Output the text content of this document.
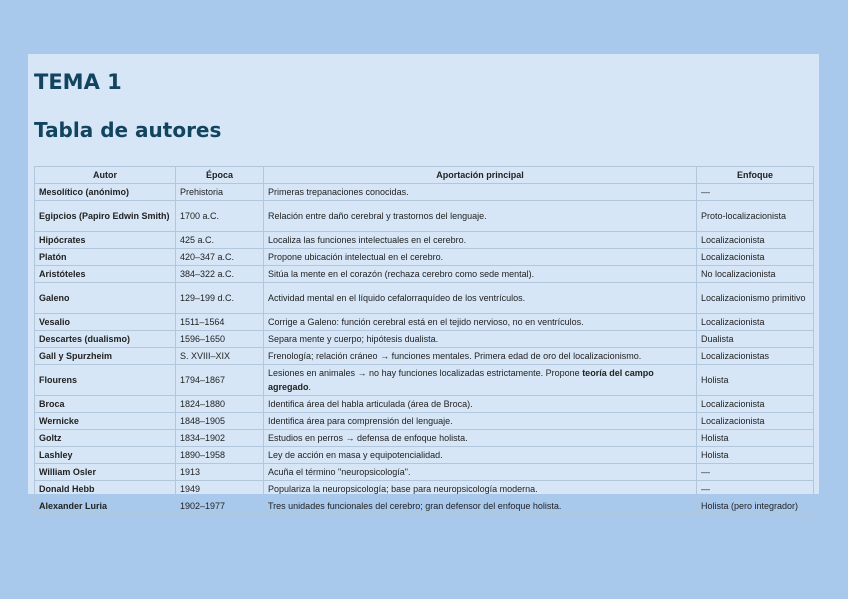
TEMA 1
Tabla de autores
Autor	Época	Aportación principal	Enfoque
Mesolítico (anónimo)	Prehistoria	Primeras trepanaciones conocidas.	—
Egipcios (Papiro Edwin Smith)	1700 a.C.	Relación entre daño cerebral y trastornos del lenguaje.	Proto-localizacionista
Hipócrates	425 a.C.	Localiza las funciones intelectuales en el cerebro.	Localizacionista
Platón	420–347 a.C.	Propone ubicación intelectual en el cerebro.	Localizacionista
Aristóteles	384–322 a.C.	Sitúa la mente en el corazón (rechaza cerebro como sede mental).	No localizacionista
Galeno	129–199 d.C.	Actividad mental en el líquido cefalorraquídeo de los ventrículos.	Localizacionismo primitivo
Vesalio	1511–1564	Corrige a Galeno: función cerebral está en el tejido nervioso, no en ventrículos.	Localizacionista
Descartes (dualismo)	1596–1650	Separa mente y cuerpo; hipótesis dualista.	Dualista
Gall y Spurzheim	S. XVIII–XIX	Frenología; relación cráneo → funciones mentales. Primera edad de oro del localizacionismo.	Localizacionistas
Flourens	1794–1867	Lesiones en animales → no hay funciones localizadas estrictamente. Propone teoría del campo agregado.	Holista
Broca	1824–1880	Identifica área del habla articulada (área de Broca).	Localizacionista
Wernicke	1848–1905	Identifica área para comprensión del lenguaje.	Localizacionista
Goltz	1834–1902	Estudios en perros → defensa de enfoque holista.	Holista
Lashley	1890–1958	Ley de acción en masa y equipotencialidad.	Holista
William Osler	1913	Acuña el término "neuropsicología".	—
Donald Hebb	1949	Populariza la neuropsicología; base para neuropsicología moderna.	—
Alexander Luria	1902–1977	Tres unidades funcionales del cerebro; gran defensor del enfoque holista.	Holista (pero integrador)
